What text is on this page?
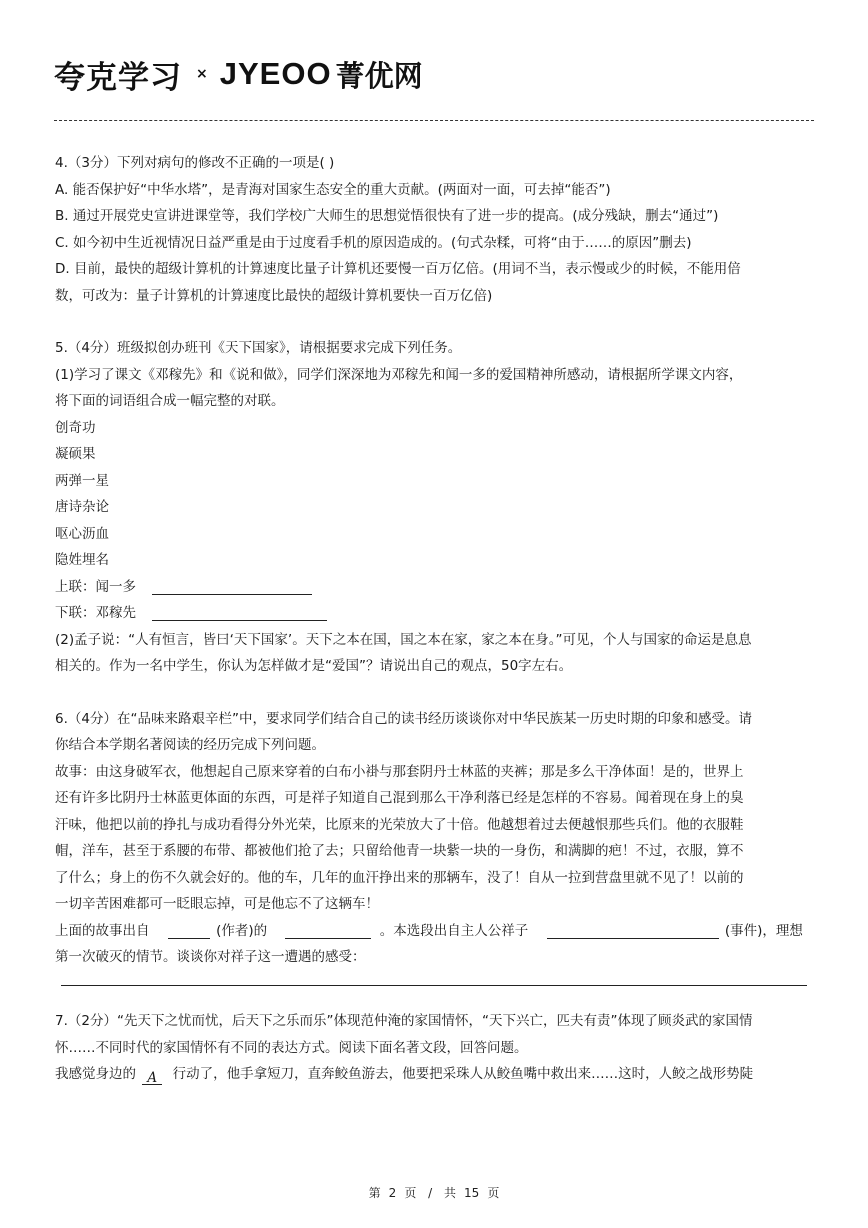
夸克学习 × JYEOO 菁优网
4.（3分）下列对病句的修改不正确的一项是( )
A. 能否保护好“中华水塔”，是青海对国家生态安全的重大贡献。(两面对一面，可去掉“能否”)
B. 通过开展党史宣讲进课堂等，我们学校广大师生的思想觉悟很快有了进一步的提高。(成分残缺，删去“通过”)
C. 如今初中生近视情况日益严重是由于过度看手机的原因造成的。(句式杂糅，可将“由于……的原因”删去)
D. 目前，最快的超级计算机的计算速度比量子计算机还要慢一百万亿倍。(用词不当，表示慢或少的时候，不能用倍
数，可改为：量子计算机的计算速度比最快的超级计算机要快一百万亿倍)
5.（4分）班级拟创办班刊《天下国家》，请根据要求完成下列任务。
(1)学习了课文《邓稼先》和《说和做》，同学们深深地为邓稼先和闻一多的爱国精神所感动，请根据所学课文内容，
将下面的词语组合成一幅完整的对联。
创奇功
凝硕果
两弹一星
唐诗杂论
呕心沥血
隐姓埋名
上联：闻一多
下联：邓稼先
(2)孟子说：“人有恒言，皆曰‘天下国家’。天下之本在国，国之本在家，家之本在身。”可见，个人与国家的命运是息息
相关的。作为一名中学生，你认为怎样做才是“爱国”？请说出自己的观点，50字左右。
6.（4分）在“品味来路艰辛栏”中，要求同学们结合自己的读书经历谈谈你对中华民族某一历史时期的印象和感受。请
你结合本学期名著阅读的经历完成下列问题。
故事：由这身破军衣，他想起自己原来穿着的白布小褂与那套阴丹士林蓝的夹裤；那是多么干净体面！是的，世界上
还有许多比阴丹士林蓝更体面的东西，可是祥子知道自己混到那么干净利落已经是怎样的不容易。闻着现在身上的臭
汗味，他把以前的挣扎与成功看得分外光荣，比原来的光荣放大了十倍。他越想着过去便越恨那些兵们。他的衣服鞋
帽，洋车，甚至于系腰的布带、都被他们抢了去；只留给他青一块紫一块的一身伤，和满脚的疤！不过，衣服，算不
了什么；身上的伤不久就会好的。他的车，几年的血汗挣出来的那辆车，没了！自从一拉到营盘里就不见了！以前的
一切辛苦困难都可一眨眼忘掉，可是他忘不了这辆车！
上面的故事出自	(作者)的	。本选段出自主人公祥子	(事件)，理想
第一次破灭的情节。谈谈你对祥子这一遭遇的感受：
7.（2分）“先天下之忧而忧，后天下之乐而乐”体现范仲淹的家国情怀，“天下兴亡，匹夫有责”体现了顾炎武的家国情
怀……不同时代的家国情怀有不同的表达方式。阅读下面名著文段，回答问题。
我感觉身边的 A 行动了，他手拿短刀，直奔鲛鱼游去，他要把采珠人从鲛鱼嘴中救出来……这时，人鲛之战形势陡
第 2 页 / 共 15 页
